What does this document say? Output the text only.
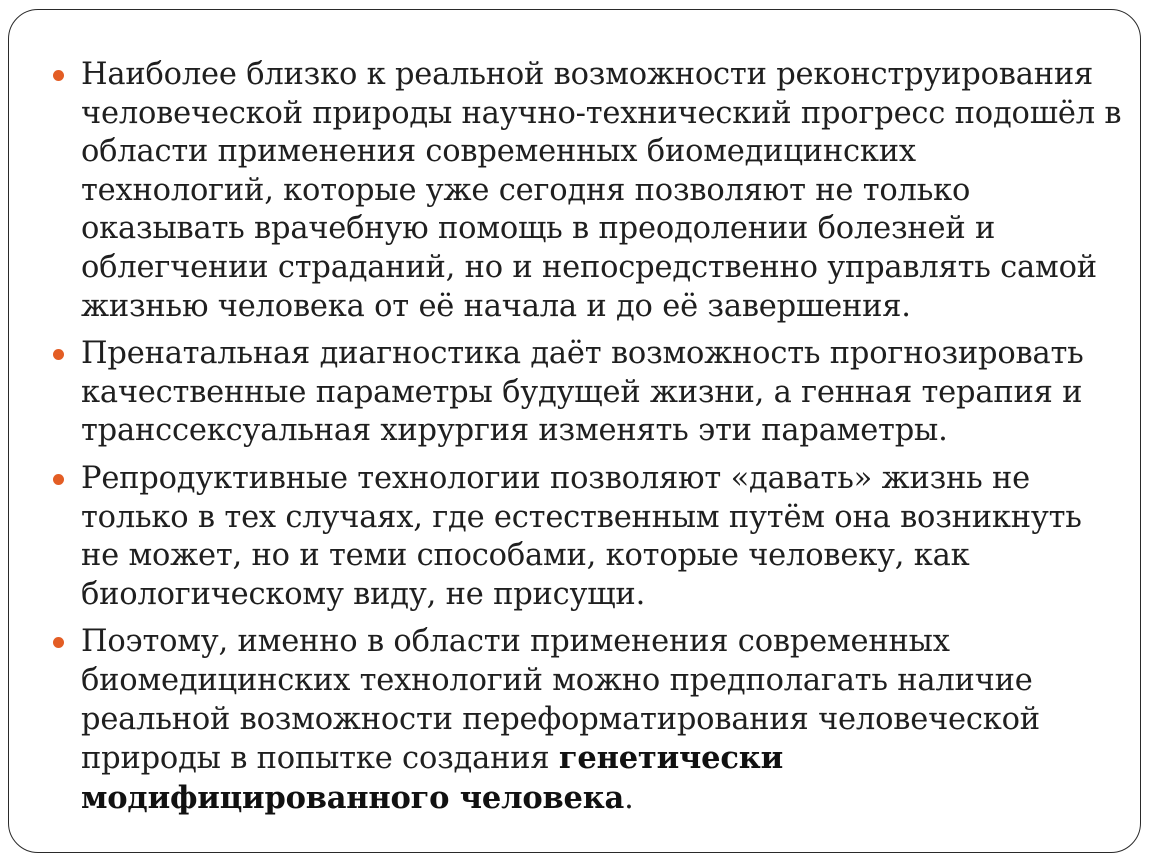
Наиболее близко к реальной возможности реконструирования
человеческой природы научно-технический прогресс подошёл в
области применения современных биомедицинских
технологий, которые уже сегодня позволяют не только
оказывать врачебную помощь в преодолении болезней и
облегчении страданий, но и непосредственно управлять самой
жизнью человека от её начала и до её завершения.
Пренатальная диагностика даёт возможность прогнозировать
качественные параметры будущей жизни, а генная терапия и
транссексуальная хирургия изменять эти параметры.
Репродуктивные технологии позволяют «давать» жизнь не
только в тех случаях, где естественным путём она возникнуть
не может, но и теми способами, которые человеку, как
биологическому виду, не присущи.
Поэтому, именно в области применения современных
биомедицинских технологий можно предполагать наличие
реальной возможности переформатирования человеческой
природы в попытке создания генетически
модифицированного человека.
